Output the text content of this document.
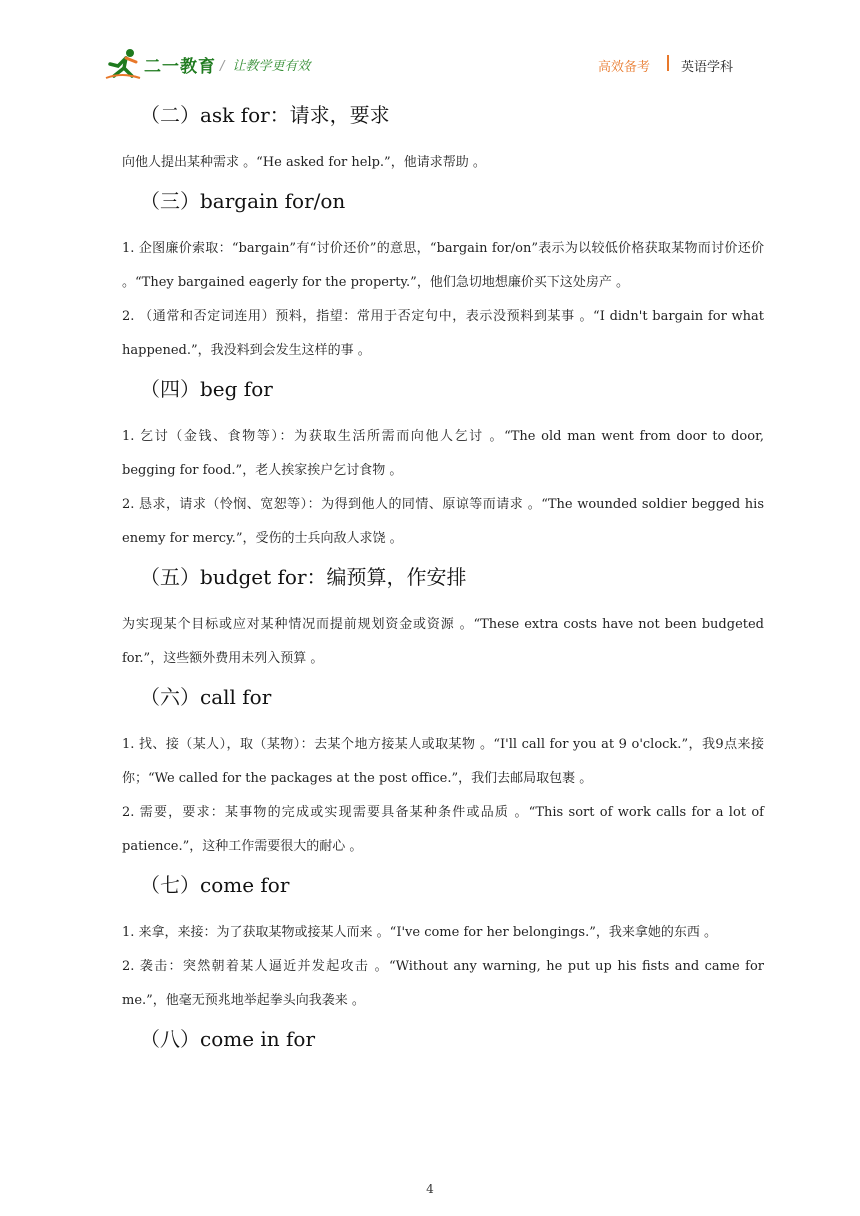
二一教育 / 让教学更有效	高效备考 英语学科
（二）ask for：请求，要求

向他人提出某种需求 。“He asked for help.”，他请求帮助 。

（三）bargain for/on

1. 企图廉价索取：“bargain”有“讨价还价”的意思，“bargain for/on”表示为以较低价格获取某物而讨价还价 。“They bargained eagerly for the property.”，他们急切地想廉价买下这处房产 。

2. （通常和否定词连用）预料，指望：常用于否定句中，表示没预料到某事 。“I didn't bargain for what happened.”，我没料到会发生这样的事 。

（四）beg for

1. 乞讨（金钱、食物等）：为获取生活所需而向他人乞讨 。“The old man went from door to door, begging for food.”，老人挨家挨户乞讨食物 。

2. 恳求，请求（怜悯、宽恕等）：为得到他人的同情、原谅等而请求 。“The wounded soldier begged his enemy for mercy.”，受伤的士兵向敌人求饶 。

（五）budget for：编预算，作安排

为实现某个目标或应对某种情况而提前规划资金或资源 。“These extra costs have not been budgeted for.”，这些额外费用未列入预算 。

（六）call for

1. 找、接（某人），取（某物）：去某个地方接某人或取某物 。“I'll call for you at 9 o'clock.”，我9点来接你；“We called for the packages at the post office.”，我们去邮局取包裹 。

2. 需要，要求：某事物的完成或实现需要具备某种条件或品质 。“This sort of work calls for a lot of patience.”，这种工作需要很大的耐心 。

（七）come for

1. 来拿，来接：为了获取某物或接某人而来 。“I've come for her belongings.”，我来拿她的东西 。

2. 袭击：突然朝着某人逼近并发起攻击 。“Without any warning, he put up his fists and came for me.”，他毫无预兆地举起拳头向我袭来 。

（八）come in for
4
